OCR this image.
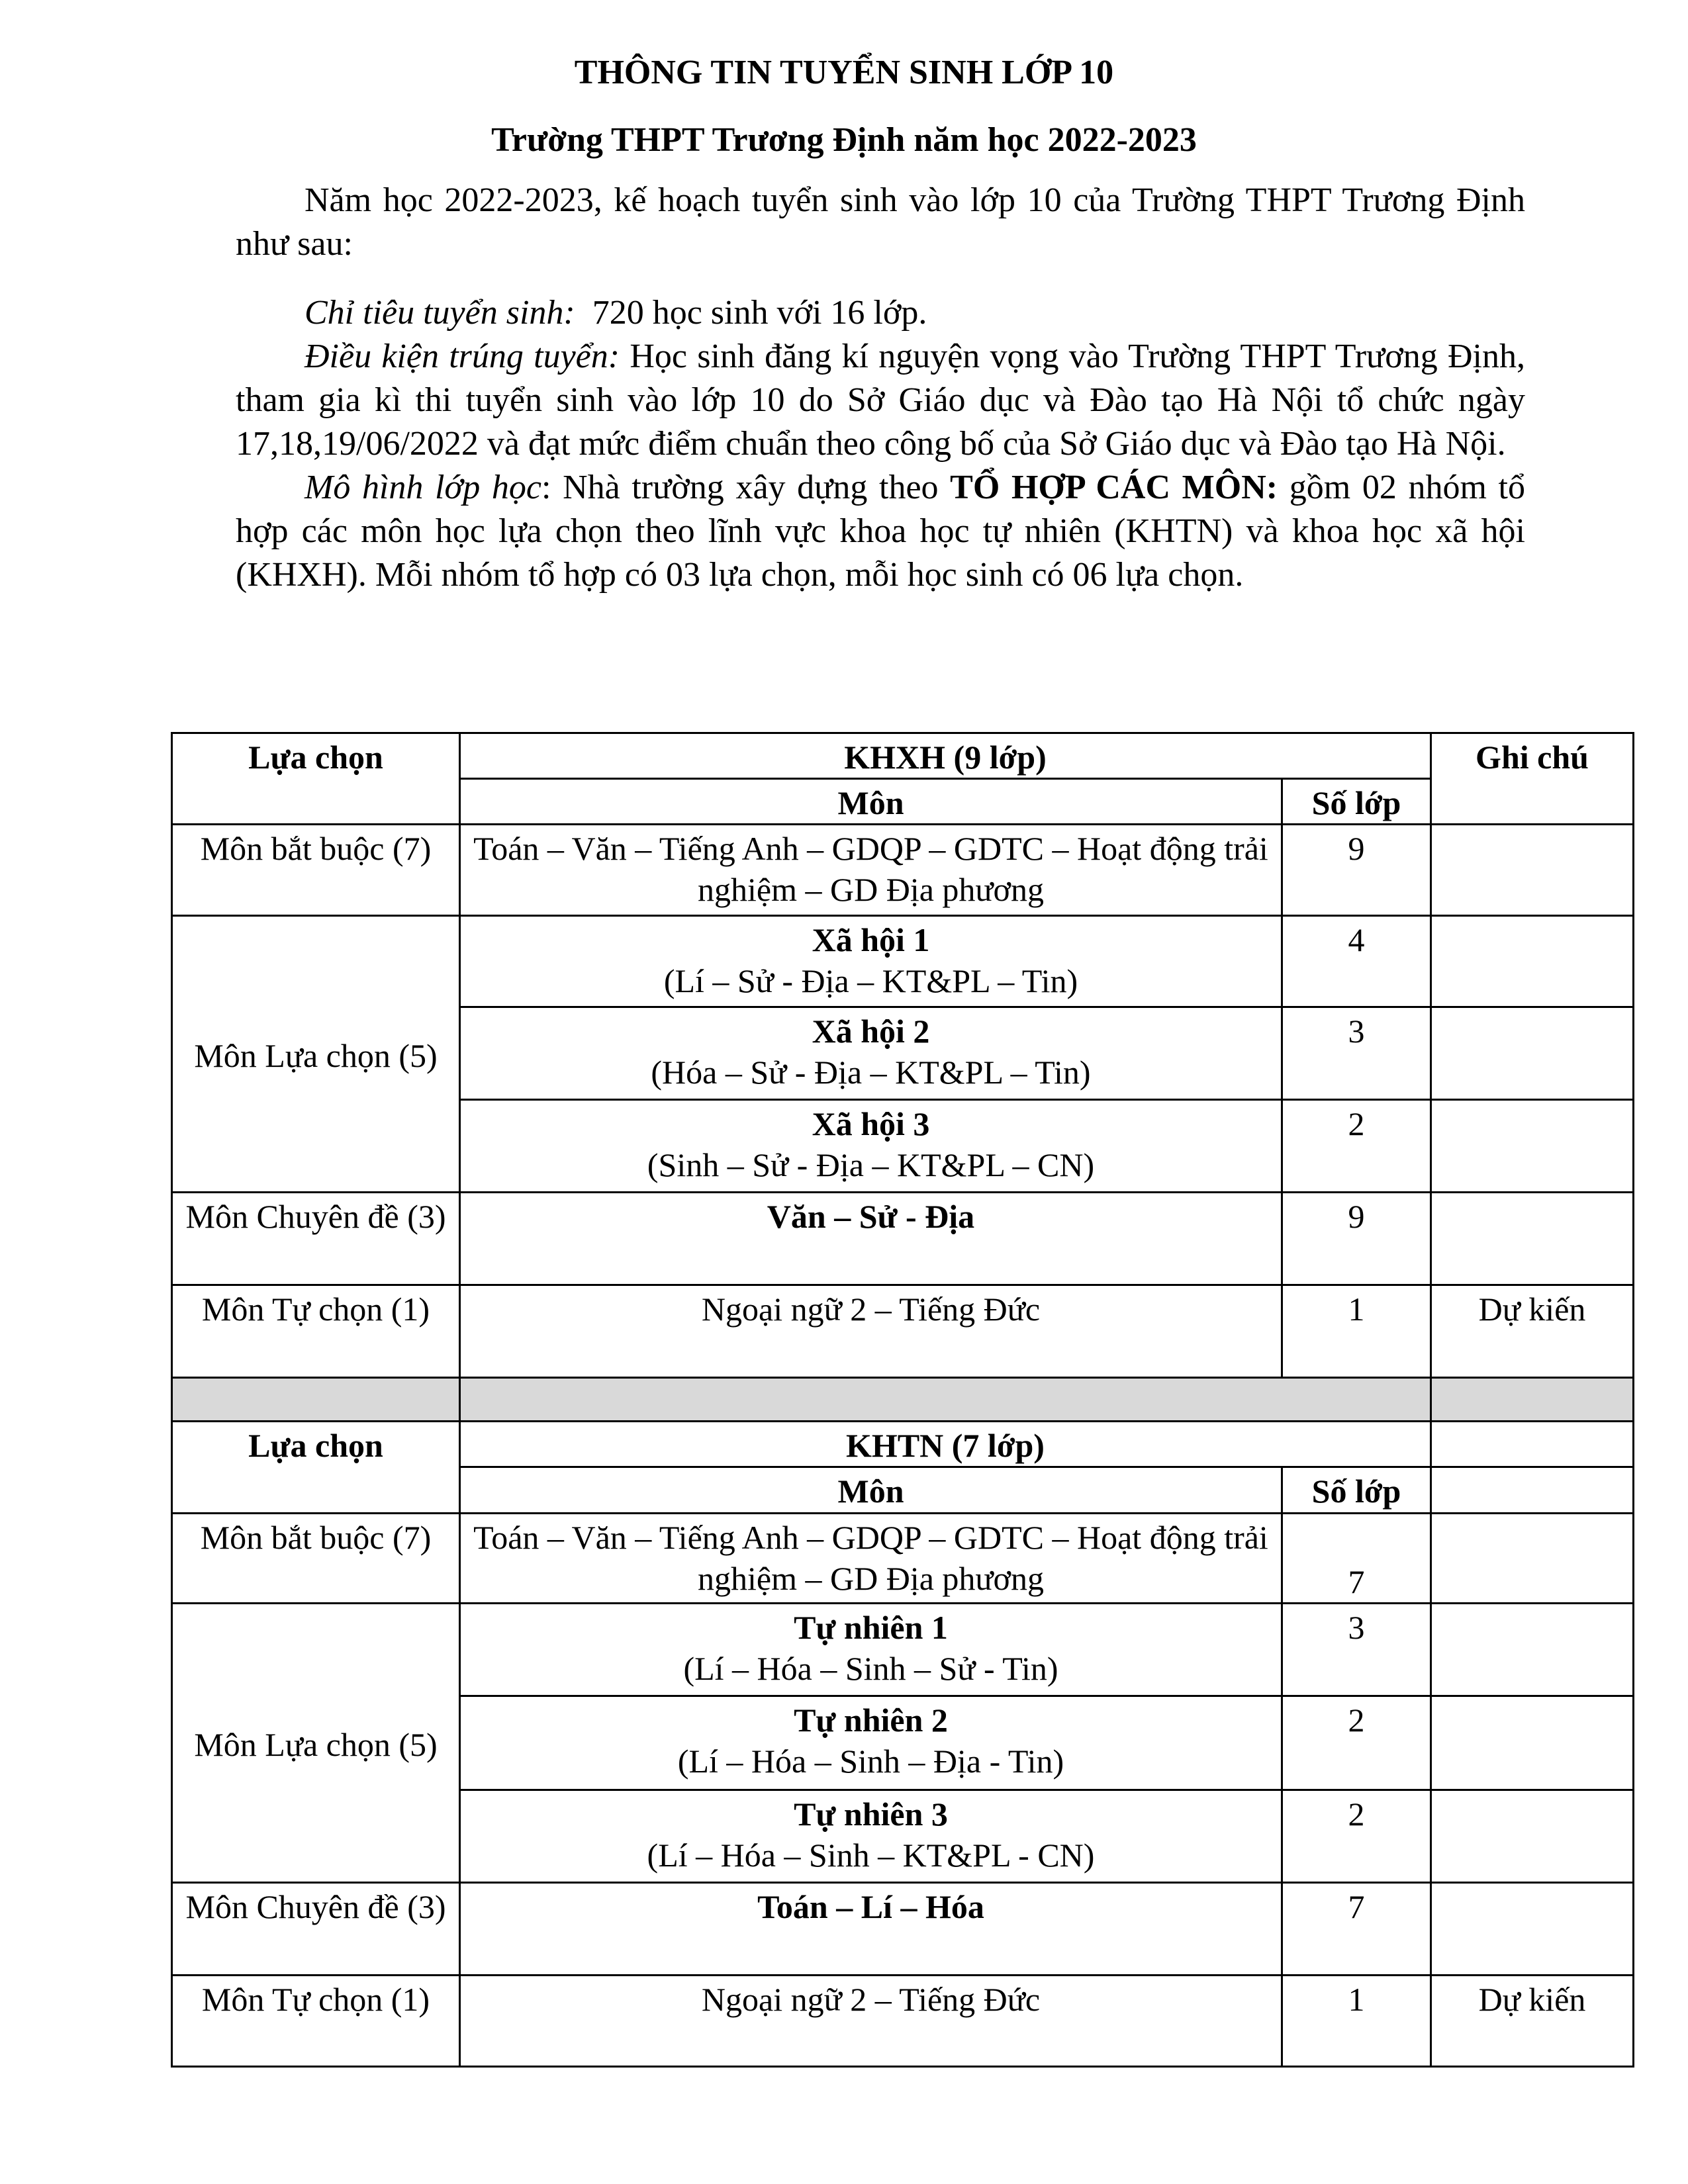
THÔNG TIN TUYỂN SINH LỚP 10
Trường THPT Trương Định năm học 2022-2023
Năm học 2022-2023, kế hoạch tuyển sinh vào lớp 10 của Trường THPT Trương Định như sau:
Chỉ tiêu tuyển sinh: 720 học sinh với 16 lớp.
Điều kiện trúng tuyển: Học sinh đăng kí nguyện vọng vào Trường THPT Trương Định, tham gia kì thi tuyển sinh vào lớp 10 do Sở Giáo dục và Đào tạo Hà Nội tổ chức ngày 17,18,19/06/2022 và đạt mức điểm chuẩn theo công bố của Sở Giáo dục và Đào tạo Hà Nội.
Mô hình lớp học: Nhà trường xây dựng theo TỔ HỢP CÁC MÔN: gồm 02 nhóm tổ hợp các môn học lựa chọn theo lĩnh vực khoa học tự nhiên (KHTN) và khoa học xã hội (KHXH). Mỗi nhóm tổ hợp có 03 lựa chọn, mỗi học sinh có 06 lựa chọn.
Lựa chọn	KHXH (9 lớp)		Ghi chú
	Môn	Số lớp	
Môn bắt buộc (7)	Toán – Văn – Tiếng Anh – GDQP – GDTC – Hoạt động trải nghiệm – GD Địa phương	9	
Môn Lựa chọn (5)	Xã hội 1
(Lí – Sử - Địa – KT&PL – Tin)	4	

	Xã hội 2
(Hóa – Sử - Địa – KT&PL – Tin)	3	

	Xã hội 3
(Sinh – Sử - Địa – KT&PL – CN)	2	
Môn Chuyên đề (3)	Văn – Sử - Địa	9	
Môn Tự chọn (1)	Ngoại ngữ 2 – Tiếng Đức	1	Dự kiến

Lựa chọn	KHTN (7 lớp)		
	Môn	Số lớp	
Môn bắt buộc (7)	Toán – Văn – Tiếng Anh – GDQP – GDTC – Hoạt động trải nghiệm – GD Địa phương	7	
Môn Lựa chọn (5)	Tự nhiên 1
(Lí – Hóa – Sinh – Sử - Tin)	3	

	Tự nhiên 2
(Lí – Hóa – Sinh – Địa - Tin)	2	

	Tự nhiên 3
(Lí – Hóa – Sinh – KT&PL - CN)	2	
Môn Chuyên đề (3)	Toán – Lí – Hóa	7	
Môn Tự chọn (1)	Ngoại ngữ 2 – Tiếng Đức	1	Dự kiến
